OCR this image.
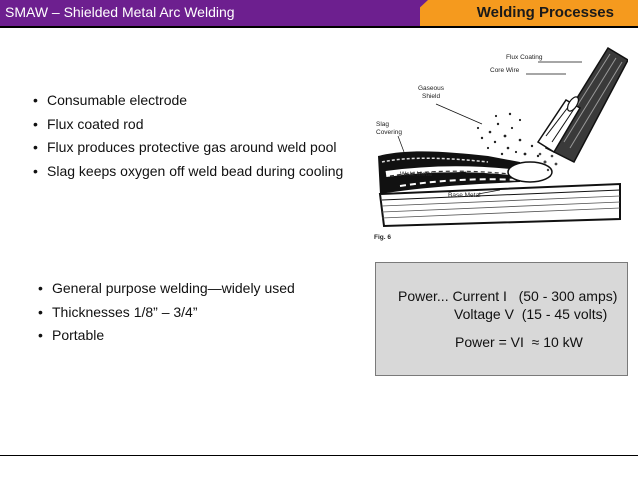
SMAW – Shielded Metal Arc Welding	Welding Processes
• Consumable electrode
• Flux coated rod
• Flux produces protective gas around weld pool
• Slag keeps oxygen off weld bead during cooling
Flux Coating
Core Wire
Gaseous
Shield
Slag
Covering
Weld Metal
Base Metal
Fig. 6
• General purpose welding—widely used
• Thicknesses 1/8” – 3/4”
• Portable
Power... Current I   (50 - 300 amps)
Voltage V  (15 - 45 volts)
Power = VI  ≈ 10 kW
